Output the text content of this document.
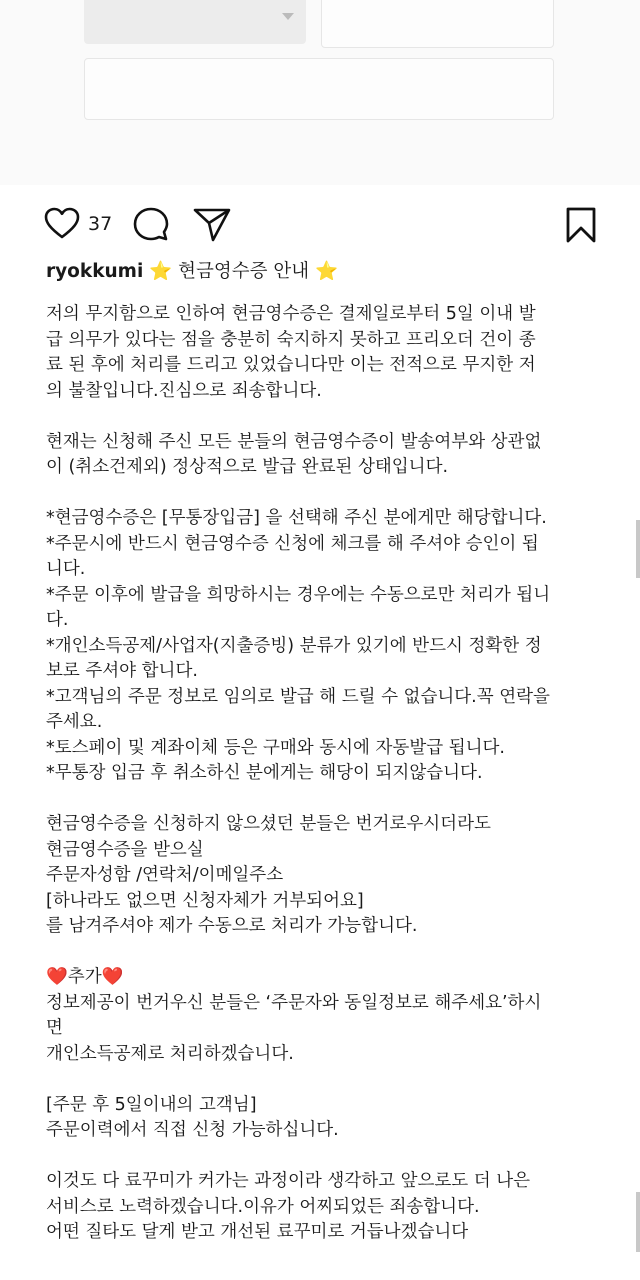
37
ryokkumi ⭐ 현금영수증 안내 ⭐
저의 무지함으로 인하여 현금영수증은 결제일로부터 5일 이내 발
급 의무가 있다는 점을 충분히 숙지하지 못하고 프리오더 건이 종
료 된 후에 처리를 드리고 있었습니다만 이는 전적으로 무지한 저
의 불찰입니다.진심으로 죄송합니다.
현재는 신청해 주신 모든 분들의 현금영수증이 발송여부와 상관없
이 (취소건제외) 정상적으로 발급 완료된 상태입니다.
*현금영수증은 [무통장입금] 을 선택해 주신 분에게만 해당합니다.
*주문시에 반드시 현금영수증 신청에 체크를 해 주셔야 승인이 됩
니다.
*주문 이후에 발급을 희망하시는 경우에는 수동으로만 처리가 됩니
다.
*개인소득공제/사업자(지출증빙) 분류가 있기에 반드시 정확한 정
보로 주셔야 합니다.
*고객님의 주문 정보로 임의로 발급 해 드릴 수 없습니다.꼭 연락을
주세요.
*토스페이 및 계좌이체 등은 구매와 동시에 자동발급 됩니다.
*무통장 입금 후 취소하신 분에게는 해당이 되지않습니다.
현금영수증을 신청하지 않으셨던 분들은 번거로우시더라도
현금영수증을 받으실
주문자성함 /연락처/이메일주소
[하나라도 없으면 신청자체가 거부되어요]
를 남겨주셔야 제가 수동으로 처리가 가능합니다.
❤️추가❤️
정보제공이 번거우신 분들은 ‘주문자와 동일정보로 해주세요’하시
면
개인소득공제로 처리하겠습니다.
[주문 후 5일이내의 고객님]
주문이력에서 직접 신청 가능하십니다.
이것도 다 료꾸미가 커가는 과정이라 생각하고 앞으로도 더 나은
서비스로 노력하겠습니다.이유가 어찌되었든 죄송합니다.
어떤 질타도 달게 받고 개선된 료꾸미로 거듭나겠습니다
